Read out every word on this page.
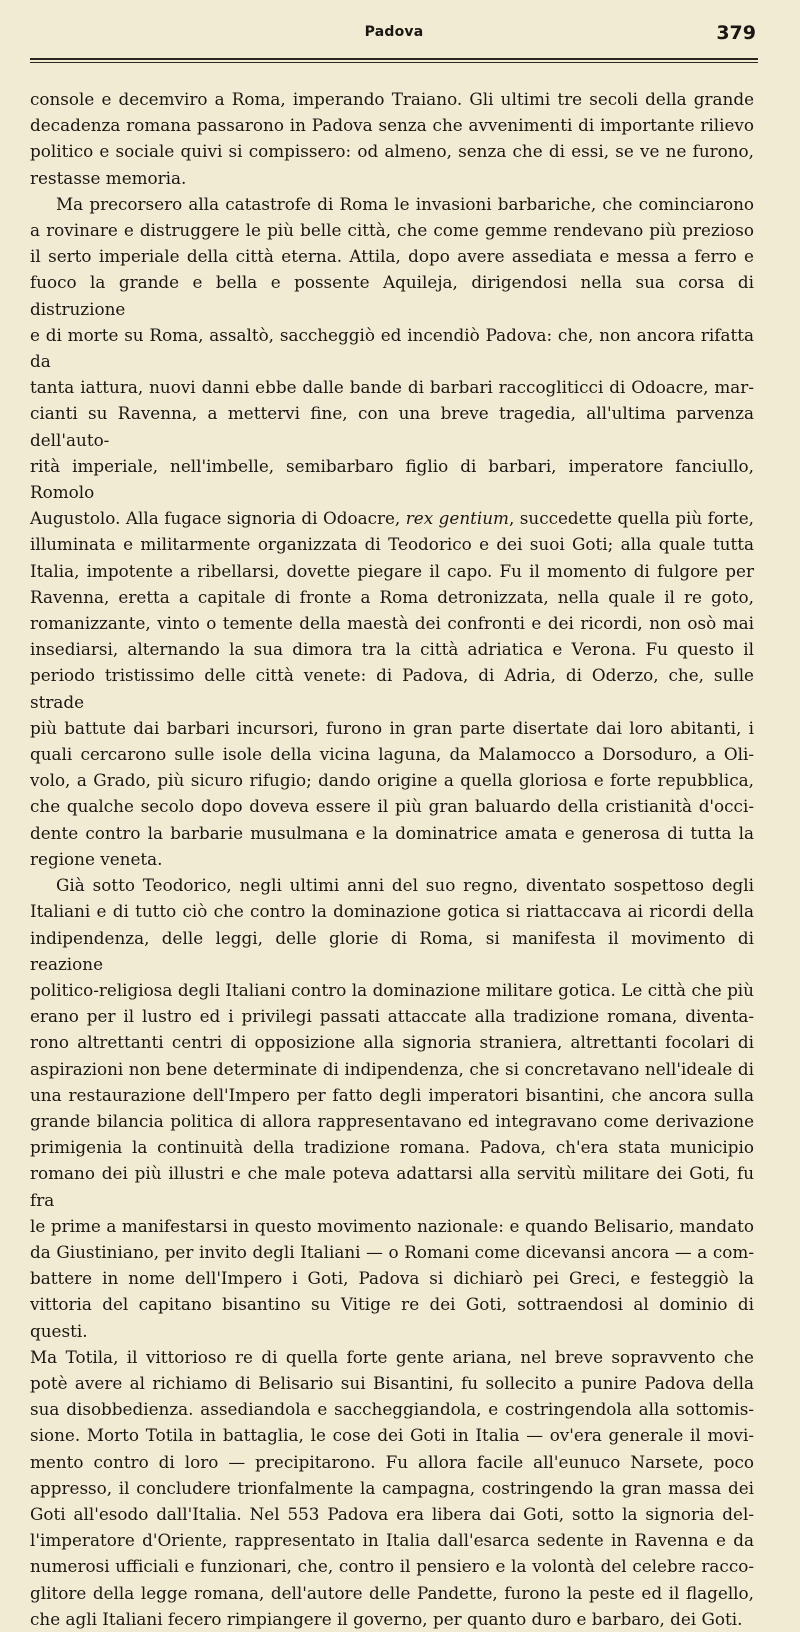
Padova	379
console e decemviro a Roma, imperando Traiano. Gli ultimi tre secoli della grande
decadenza romana passarono in Padova senza che avvenimenti di importante rilievo
politico e sociale quivi si compissero: od almeno, senza che di essi, se ve ne furono,
restasse memoria.
Ma precorsero alla catastrofe di Roma le invasioni barbariche, che cominciarono
a rovinare e distruggere le più belle città, che come gemme rendevano più prezioso
il serto imperiale della città eterna. Attila, dopo avere assediata e messa a ferro e
fuoco la grande e bella e possente Aquileja, dirigendosi nella sua corsa di distruzione
e di morte su Roma, assaltò, saccheggiò ed incendiò Padova: che, non ancora rifatta da
tanta iattura, nuovi danni ebbe dalle bande di barbari raccogliticci di Odoacre, mar-
cianti su Ravenna, a mettervi fine, con una breve tragedia, all'ultima parvenza dell'auto-
rità imperiale, nell'imbelle, semibarbaro figlio di barbari, imperatore fanciullo, Romolo
Augustolo. Alla fugace signoria di Odoacre, rex gentium, succedette quella più forte,
illuminata e militarmente organizzata di Teodorico e dei suoi Goti; alla quale tutta
Italia, impotente a ribellarsi, dovette piegare il capo. Fu il momento di fulgore per
Ravenna, eretta a capitale di fronte a Roma detronizzata, nella quale il re goto,
romanizzante, vinto o temente della maestà dei confronti e dei ricordi, non osò mai
insediarsi, alternando la sua dimora tra la città adriatica e Verona. Fu questo il
periodo tristissimo delle città venete: di Padova, di Adria, di Oderzo, che, sulle strade
più battute dai barbari incursori, furono in gran parte disertate dai loro abitanti, i
quali cercarono sulle isole della vicina laguna, da Malamocco a Dorsoduro, a Oli-
volo, a Grado, più sicuro rifugio; dando origine a quella gloriosa e forte repubblica,
che qualche secolo dopo doveva essere il più gran baluardo della cristianità d'occi-
dente contro la barbarie musulmana e la dominatrice amata e generosa di tutta la
regione veneta.
Già sotto Teodorico, negli ultimi anni del suo regno, diventato sospettoso degli
Italiani e di tutto ciò che contro la dominazione gotica si riattaccava ai ricordi della
indipendenza, delle leggi, delle glorie di Roma, si manifesta il movimento di reazione
politico-religiosa degli Italiani contro la dominazione militare gotica. Le città che più
erano per il lustro ed i privilegi passati attaccate alla tradizione romana, diventa-
rono altrettanti centri di opposizione alla signoria straniera, altrettanti focolari di
aspirazioni non bene determinate di indipendenza, che si concretavano nell'ideale di
una restaurazione dell'Impero per fatto degli imperatori bisantini, che ancora sulla
grande bilancia politica di allora rappresentavano ed integravano come derivazione
primigenia la continuità della tradizione romana. Padova, ch'era stata municipio
romano dei più illustri e che male poteva adattarsi alla servitù militare dei Goti, fu fra
le prime a manifestarsi in questo movimento nazionale: e quando Belisario, mandato
da Giustiniano, per invito degli Italiani — o Romani come dicevansi ancora — a com-
battere in nome dell'Impero i Goti, Padova si dichiarò pei Greci, e festeggiò la
vittoria del capitano bisantino su Vitige re dei Goti, sottraendosi al dominio di questi.
Ma Totila, il vittorioso re di quella forte gente ariana, nel breve sopravvento che
potè avere al richiamo di Belisario sui Bisantini, fu sollecito a punire Padova della
sua disobbedienza. assediandola e saccheggiandola, e costringendola alla sottomis-
sione. Morto Totila in battaglia, le cose dei Goti in Italia — ov'era generale il movi-
mento contro di loro — precipitarono. Fu allora facile all'eunuco Narsete, poco
appresso, il concludere trionfalmente la campagna, costringendo la gran massa dei
Goti all'esodo dall'Italia. Nel 553 Padova era libera dai Goti, sotto la signoria del-
l'imperatore d'Oriente, rappresentato in Italia dall'esarca sedente in Ravenna e da
numerosi ufficiali e funzionari, che, contro il pensiero e la volontà del celebre racco-
glitore della legge romana, dell'autore delle Pandette, furono la peste ed il flagello,
che agli Italiani fecero rimpiangere il governo, per quanto duro e barbaro, dei Goti.
